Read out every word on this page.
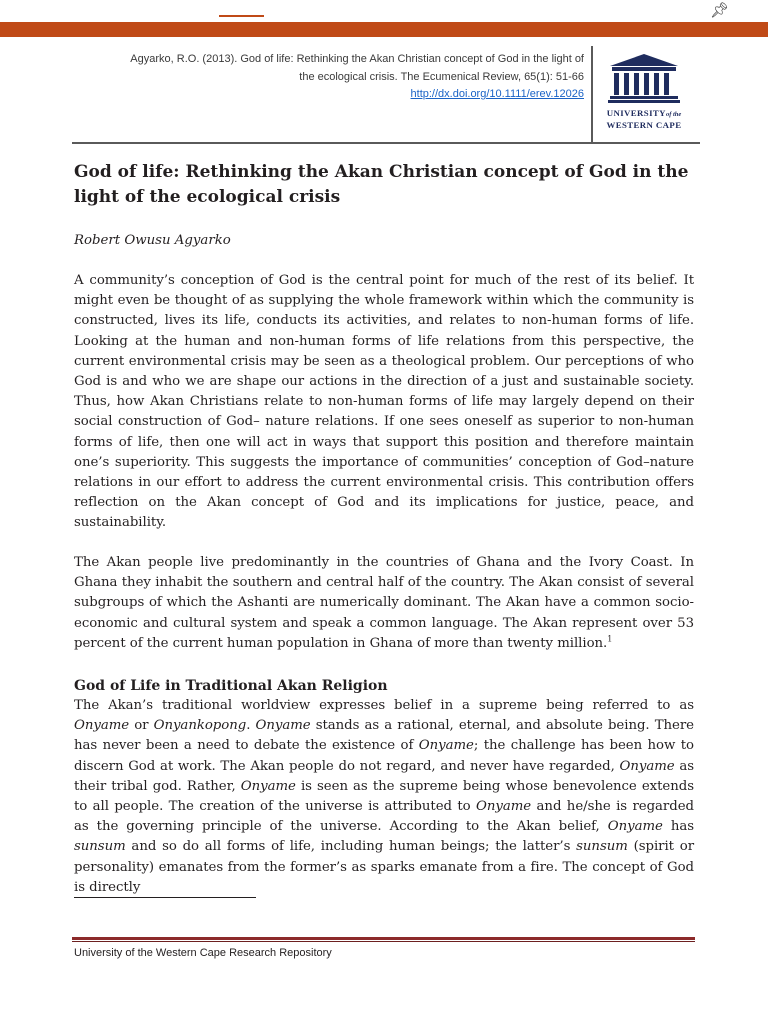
📌︎
Agyarko, R.O. (2013). God of life: Rethinking the Akan Christian concept of God in the light of
the ecological crisis. The Ecumenical Review, 65(1): 51-66
http://dx.doi.org/10.1111/erev.12026
UNIVERSITYof the
WESTERN CAPE
God of life: Rethinking the Akan Christian concept of God in the light of the ecological crisis

Robert Owusu Agyarko

A community’s conception of God is the central point for much of the rest of its belief. It might even be thought of as supplying the whole framework within which the community is constructed, lives its life, conducts its activities, and relates to non-human forms of life. Looking at the human and non-human forms of life relations from this perspective, the current environmental crisis may be seen as a theological problem. Our perceptions of who God is and who we are shape our actions in the direction of a just and sustainable society. Thus, how Akan Christians relate to non-human forms of life may largely depend on their social construction of God– nature relations. If one sees oneself as superior to non-human forms of life, then one will act in ways that support this position and therefore maintain one’s superiority. This suggests the importance of communities’ conception of God–nature relations in our effort to address the current environmental crisis. This contribution offers reflection on the Akan concept of God and its implications for justice, peace, and sustainability.

The Akan people live predominantly in the countries of Ghana and the Ivory Coast. In Ghana they inhabit the southern and central half of the country. The Akan consist of several subgroups of which the Ashanti are numerically dominant. The Akan have a common socio-economic and cultural system and speak a common language. The Akan represent over 53 percent of the current human population in Ghana of more than twenty million.$^1$

God of Life in Traditional Akan Religion

The Akan’s traditional worldview expresses belief in a supreme being referred to as Onyame or Onyankopong. Onyame stands as a rational, eternal, and absolute being. There has never been a need to debate the existence of Onyame; the challenge has been how to discern God at work. The Akan people do not regard, and never have regarded, Onyame as their tribal god. Rather, Onyame is seen as the supreme being whose benevolence extends to all people. The creation of the universe is attributed to Onyame and he/she is regarded as the governing principle of the universe. According to the Akan belief, Onyame has sunsum and so do all forms of life, including human beings; the latter’s sunsum (spirit or personality) emanates from the former’s as sparks emanate from a fire. The concept of God is directly

University of the Western Cape Research Repository
